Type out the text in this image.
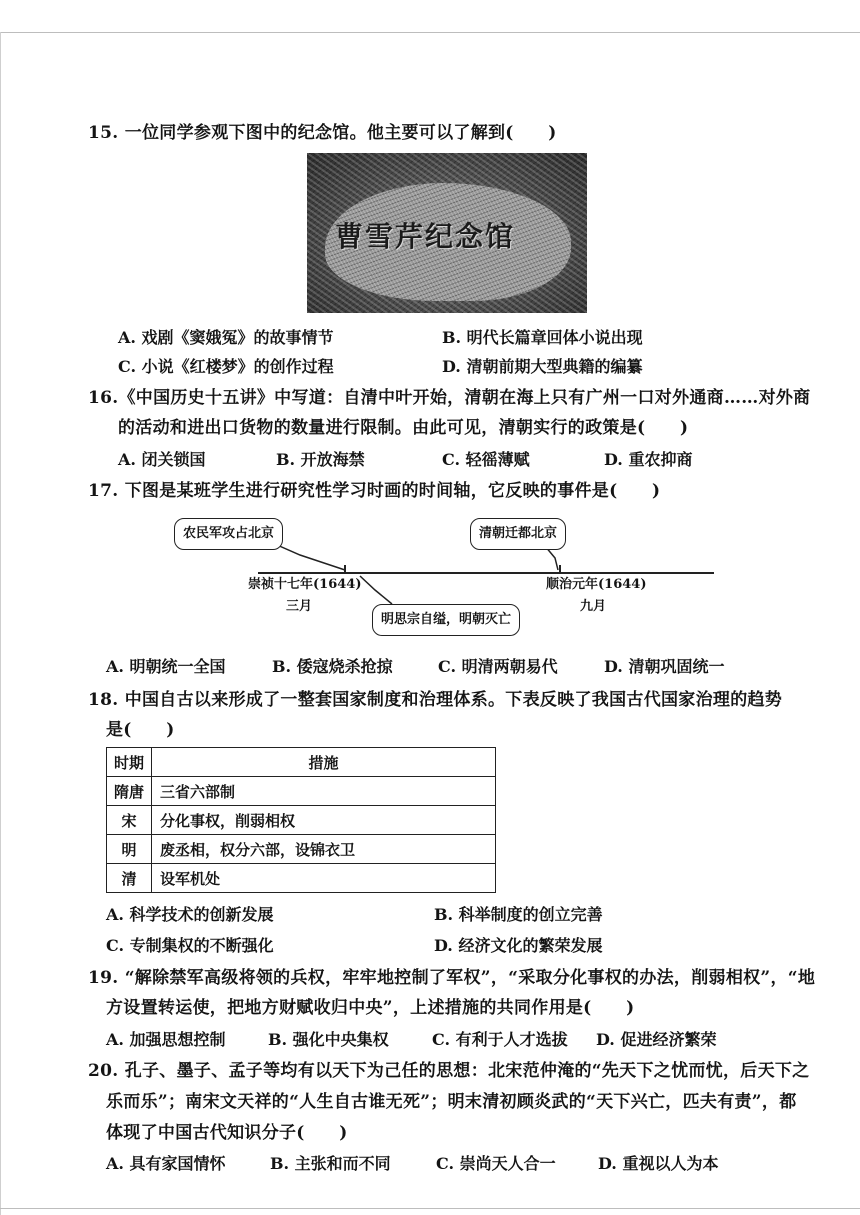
15. 一位同学参观下图中的纪念馆。他主要可以了解到(　　)
曹雪芹纪念馆
A. 戏剧《窦娥冤》的故事情节	B. 明代长篇章回体小说出现
C. 小说《红楼梦》的创作过程	D. 清朝前期大型典籍的编纂
16.《中国历史十五讲》中写道：自清中叶开始，清朝在海上只有广州一口对外通商……对外商
的活动和进出口货物的数量进行限制。由此可见，清朝实行的政策是(　　)
A. 闭关锁国	B. 开放海禁	C. 轻徭薄赋	D. 重农抑商
17. 下图是某班学生进行研究性学习时画的时间轴，它反映的事件是(　　)
农民军攻占北京	清朝迁都北京
明思宗自缢，明朝灭亡
崇祯十七年(1644)
三月
顺治元年(1644)
九月
A. 明朝统一全国	B. 倭寇烧杀抢掠	C. 明清两朝易代	D. 清朝巩固统一
18. 中国自古以来形成了一整套国家制度和治理体系。下表反映了我国古代国家治理的趋势
是(　　)
时期	措施
隋唐	三省六部制
宋	分化事权，削弱相权
明	废丞相，权分六部，设锦衣卫
清	设军机处
A. 科学技术的创新发展	B. 科举制度的创立完善
C. 专制集权的不断强化	D. 经济文化的繁荣发展
19. “解除禁军高级将领的兵权，牢牢地控制了军权”，“采取分化事权的办法，削弱相权”，“地
方设置转运使，把地方财赋收归中央”，上述措施的共同作用是(　　)
A. 加强思想控制	B. 强化中央集权	C. 有利于人才选拔 D. 促进经济繁荣
20. 孔子、墨子、孟子等均有以天下为己任的思想：北宋范仲淹的“先天下之忧而忧，后天下之
乐而乐”；南宋文天祥的“人生自古谁无死”；明末清初顾炎武的“天下兴亡，匹夫有责”，都
体现了中国古代知识分子(　　)
A. 具有家国情怀	B. 主张和而不同	C. 崇尚天人合一	D. 重视以人为本
